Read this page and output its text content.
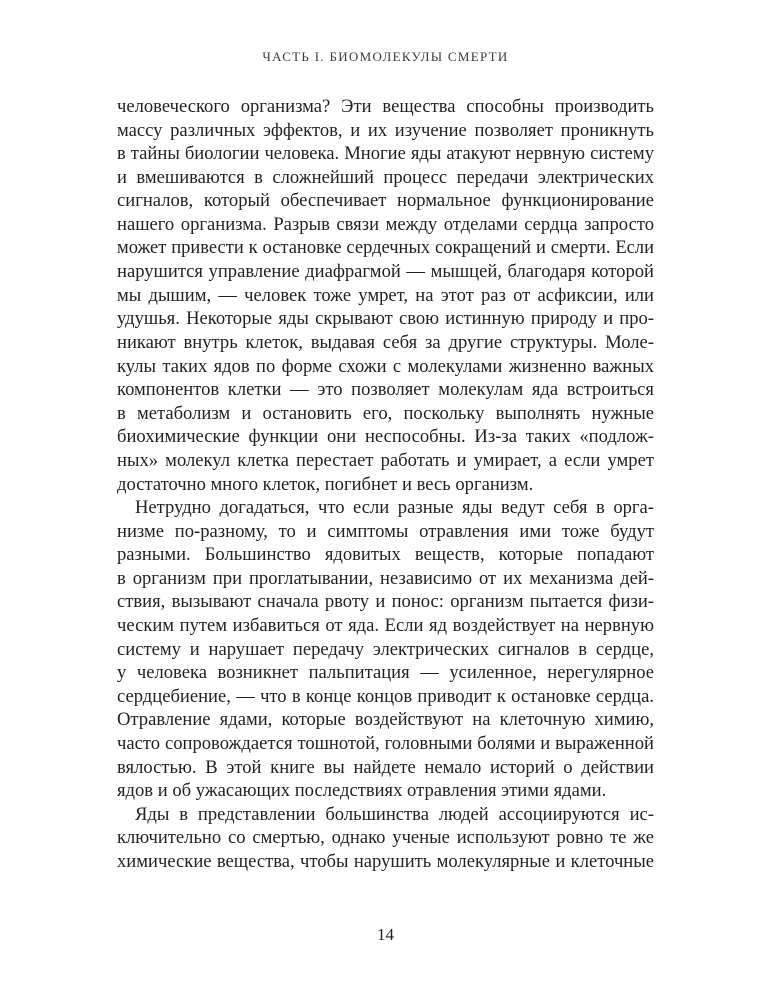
ЧАСТЬ I. БИОМОЛЕКУЛЫ СМЕРТИ
человеческого организма? Эти вещества способны производить
массу различных эффектов, и их изучение позволяет проникнуть
в тайны биологии человека. Многие яды атакуют нервную систему
и вмешиваются в сложнейший процесс передачи электрических
сигналов, который обеспечивает нормальное функционирование
нашего организма. Разрыв связи между отделами сердца запросто
может привести к остановке сердечных сокращений и смерти. Если
нарушится управление диафрагмой — мышцей, благодаря которой
мы дышим, — человек тоже умрет, на этот раз от асфиксии, или
удушья. Некоторые яды скрывают свою истинную природу и про-
никают внутрь клеток, выдавая себя за другие структуры. Моле-
кулы таких ядов по форме схожи с молекулами жизненно важных
компонентов клетки — это позволяет молекулам яда встроиться
в метаболизм и остановить его, поскольку выполнять нужные
биохимические функции они неспособны. Из-за таких «подлож-
ных» молекул клетка перестает работать и умирает, а если умрет
достаточно много клеток, погибнет и весь организм.
Нетрудно догадаться, что если разные яды ведут себя в орга-
низме по-разному, то и симптомы отравления ими тоже будут
разными. Большинство ядовитых веществ, которые попадают
в организм при проглатывании, независимо от их механизма дей-
ствия, вызывают сначала рвоту и понос: организм пытается физи-
ческим путем избавиться от яда. Если яд воздействует на нервную
систему и нарушает передачу электрических сигналов в сердце,
у человека возникнет пальпитация — усиленное, нерегулярное
сердцебиение, — что в конце концов приводит к остановке сердца.
Отравление ядами, которые воздействуют на клеточную химию,
часто сопровождается тошнотой, головными болями и выраженной
вялостью. В этой книге вы найдете немало историй о действии
ядов и об ужасающих последствиях отравления этими ядами.
Яды в представлении большинства людей ассоциируются ис-
ключительно со смертью, однако ученые используют ровно те же
химические вещества, чтобы нарушить молекулярные и клеточные
14
